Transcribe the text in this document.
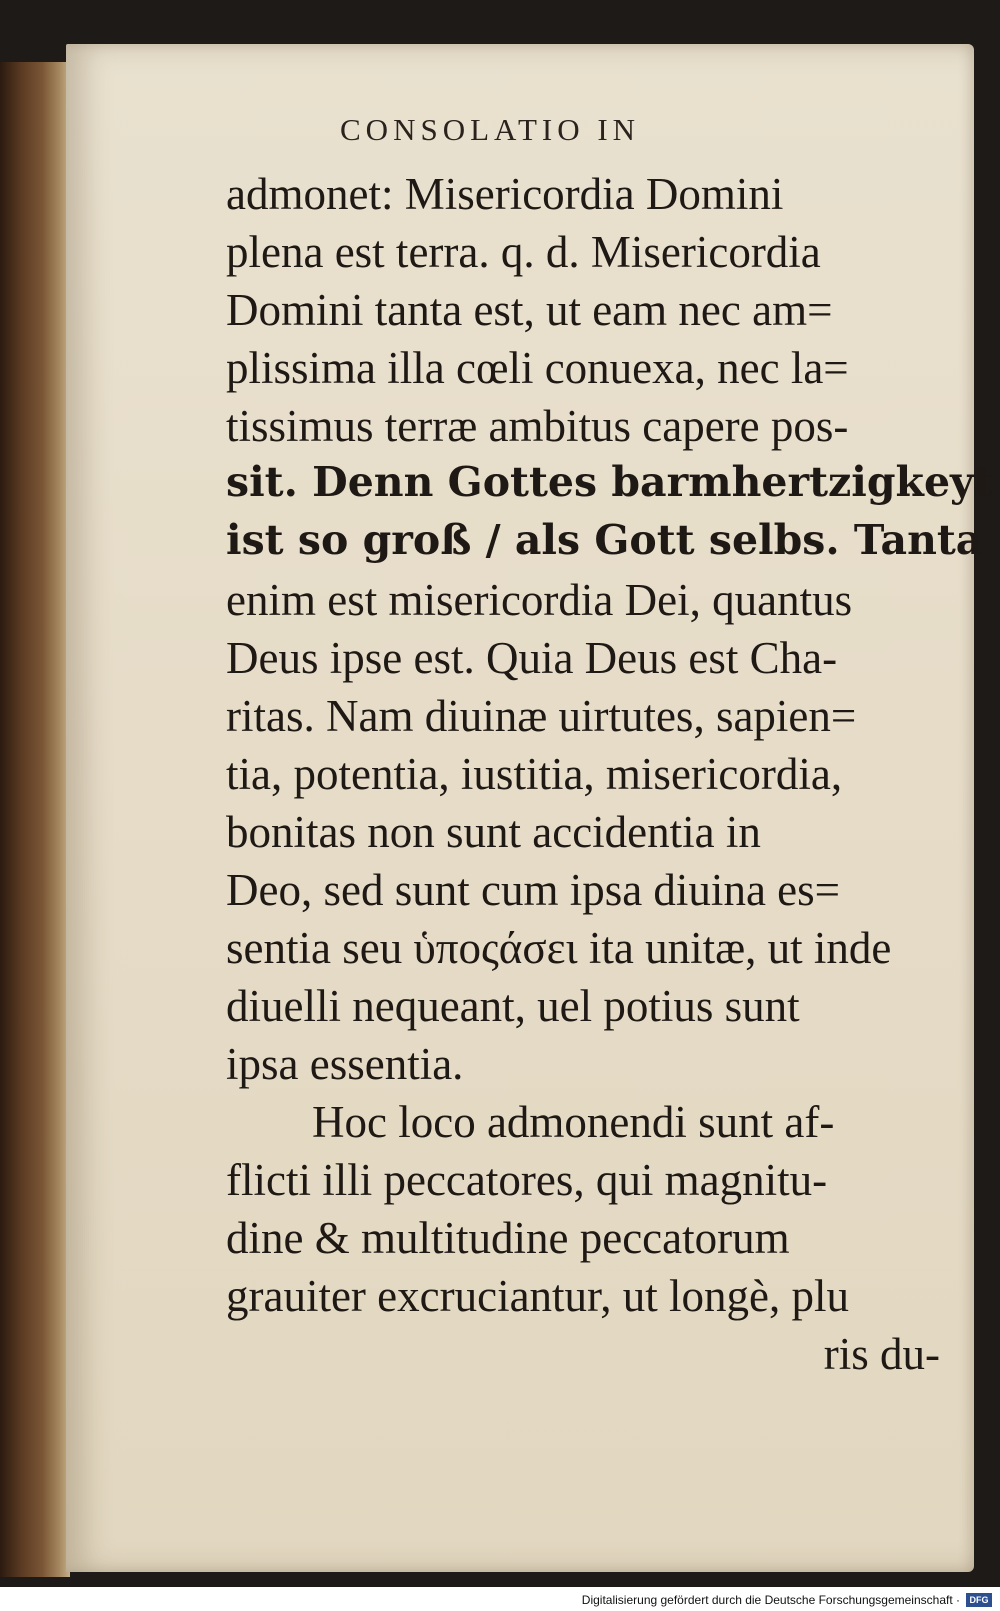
CONSOLATIO IN
admonet: Misericordia Domini
plena est terra. q. d. Misericordia
Domini tanta est, ut eam nec am=
plissima illa cœli conuexa, nec la=
tissimus terræ ambitus capere pos-
sit. Denn Gottes barmhertzigkeyt
ist so groß / als Gott selbs. Tanta
enim est misericordia Dei, quantus
Deus ipse est. Quia Deus est Cha-
ritas. Nam diuinæ uirtutes, sapien=
tia, potentia, iustitia, misericordia,
bonitas non sunt accidentia in
Deo, sed sunt cum ipsa diuina es=
sentia seu ὑποςάσει ita unitæ, ut inde
diuelli nequeant, uel potius sunt
ipsa essentia.
Hoc loco admonendi sunt af-
flicti illi peccatores, qui magnitu-
dine & multitudine peccatorum
grauiter excruciantur, ut longè, plu
ris du-
Digitalisierung gefördert durch die Deutsche Forschungsgemeinschaft ·	DFG
